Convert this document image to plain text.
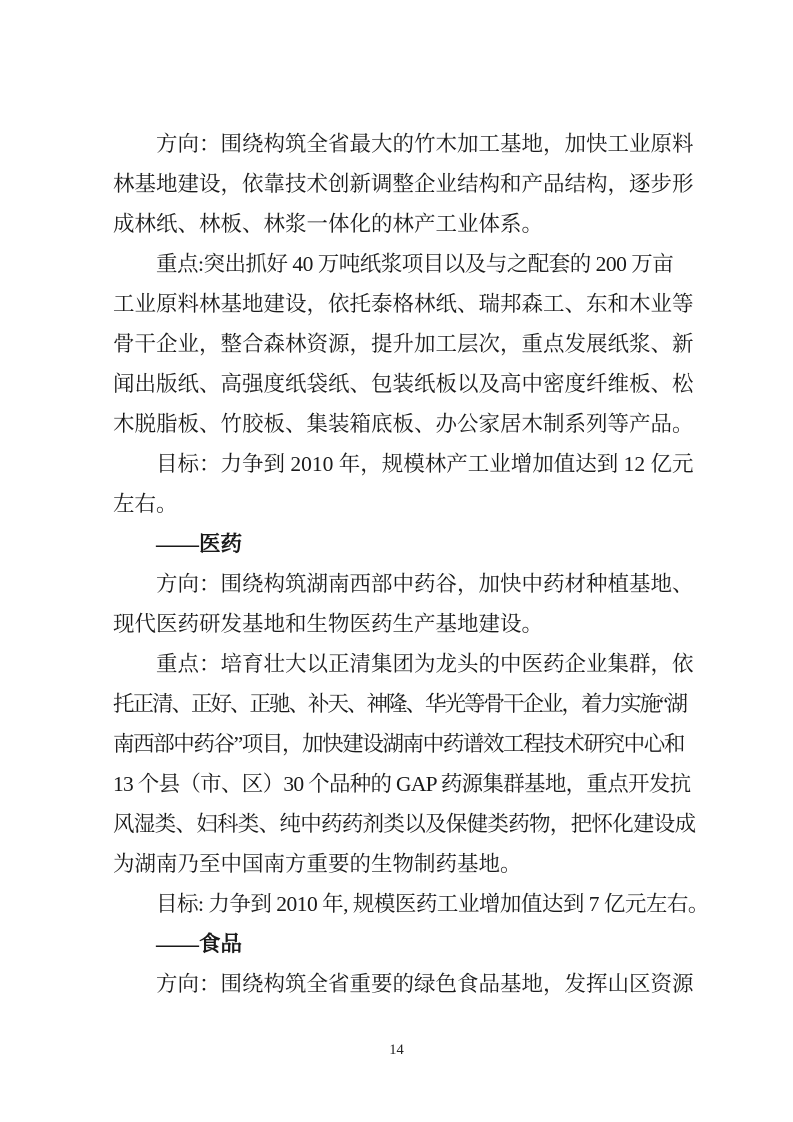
方向：围绕构筑全省最大的竹木加工基地，加快工业原料
林基地建设，依靠技术创新调整企业结构和产品结构，逐步形
成林纸、林板、林浆一体化的林产工业体系。
重点:突出抓好 40 万吨纸浆项目以及与之配套的 200 万亩
工业原料林基地建设，依托泰格林纸、瑞邦森工、东和木业等
骨干企业，整合森林资源，提升加工层次，重点发展纸浆、新
闻出版纸、高强度纸袋纸、包装纸板以及高中密度纤维板、松
木脱脂板、竹胶板、集装箱底板、办公家居木制系列等产品。
目标：力争到 2010 年，规模林产工业增加值达到 12 亿元
左右。
——医药
方向：围绕构筑湖南西部中药谷，加快中药材种植基地、
现代医药研发基地和生物医药生产基地建设。
重点：培育壮大以正清集团为龙头的中医药企业集群，依
托正清、正好、正驰、补天、神隆、华光等骨干企业，着力实施“湖
南西部中药谷”项目，加快建设湖南中药谱效工程技术研究中心和
13 个县（市、区）30 个品种的 GAP 药源集群基地，重点开发抗
风湿类、妇科类、纯中药药剂类以及保健类药物，把怀化建设成
为湖南乃至中国南方重要的生物制药基地。
目标: 力争到 2010 年, 规模医药工业增加值达到 7 亿元左右。
——食品
方向：围绕构筑全省重要的绿色食品基地，发挥山区资源
14
